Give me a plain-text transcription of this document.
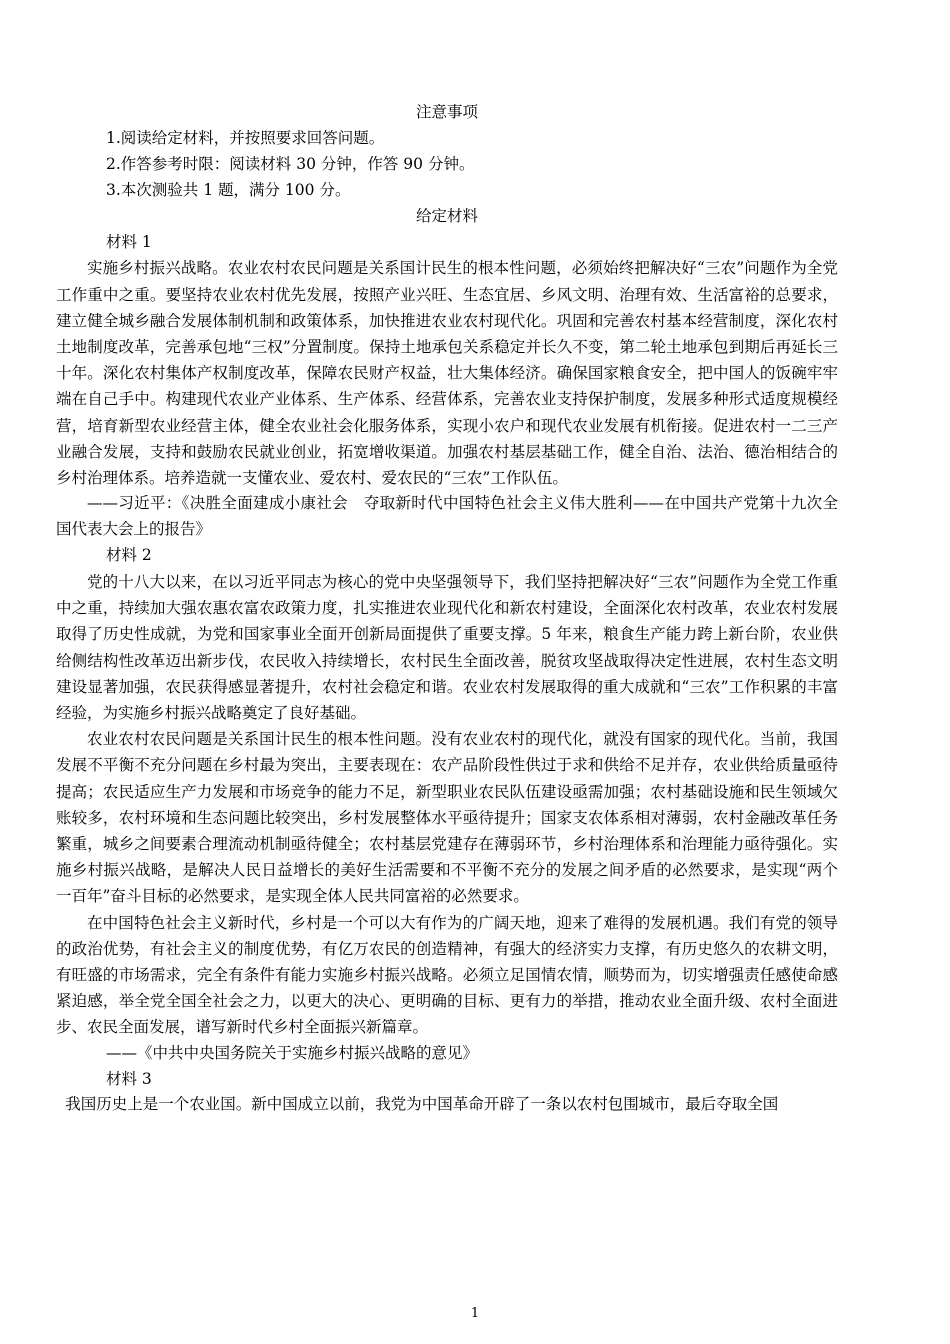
注意事项
1.阅读给定材料，并按照要求回答问题。
2.作答参考时限：阅读材料 30 分钟，作答 90 分钟。
3.本次测验共 1 题，满分 100 分。
给定材料
材料 1

实施乡村振兴战略。农业农村农民问题是关系国计民生的根本性问题，必须始终把解决好“三农”问题作为全党工作重中之重。要坚持农业农村优先发展，按照产业兴旺、生态宜居、乡风文明、治理有效、生活富裕的总要求，建立健全城乡融合发展体制机制和政策体系，加快推进农业农村现代化。巩固和完善农村基本经营制度，深化农村土地制度改革，完善承包地“三权”分置制度。保持土地承包关系稳定并长久不变，第二轮土地承包到期后再延长三十年。深化农村集体产权制度改革，保障农民财产权益，壮大集体经济。确保国家粮食安全，把中国人的饭碗牢牢端在自己手中。构建现代农业产业体系、生产体系、经营体系，完善农业支持保护制度，发展多种形式适度规模经营，培育新型农业经营主体，健全农业社会化服务体系，实现小农户和现代农业发展有机衔接。促进农村一二三产业融合发展，支持和鼓励农民就业创业，拓宽增收渠道。加强农村基层基础工作，健全自治、法治、德治相结合的乡村治理体系。培养造就一支懂农业、爱农村、爱农民的“三农”工作队伍。

——习近平：《决胜全面建成小康社会　夺取新时代中国特色社会主义伟大胜利——在中国共产党第十九次全国代表大会上的报告》

材料 2

党的十八大以来，在以习近平同志为核心的党中央坚强领导下，我们坚持把解决好“三农”问题作为全党工作重中之重，持续加大强农惠农富农政策力度，扎实推进农业现代化和新农村建设，全面深化农村改革，农业农村发展取得了历史性成就，为党和国家事业全面开创新局面提供了重要支撑。5 年来，粮食生产能力跨上新台阶，农业供给侧结构性改革迈出新步伐，农民收入持续增长，农村民生全面改善，脱贫攻坚战取得决定性进展，农村生态文明建设显著加强，农民获得感显著提升，农村社会稳定和谐。农业农村发展取得的重大成就和“三农”工作积累的丰富经验，为实施乡村振兴战略奠定了良好基础。

农业农村农民问题是关系国计民生的根本性问题。没有农业农村的现代化，就没有国家的现代化。当前，我国发展不平衡不充分问题在乡村最为突出，主要表现在：农产品阶段性供过于求和供给不足并存，农业供给质量亟待提高；农民适应生产力发展和市场竞争的能力不足，新型职业农民队伍建设亟需加强；农村基础设施和民生领域欠账较多，农村环境和生态问题比较突出，乡村发展整体水平亟待提升；国家支农体系相对薄弱，农村金融改革任务繁重，城乡之间要素合理流动机制亟待健全；农村基层党建存在薄弱环节，乡村治理体系和治理能力亟待强化。实施乡村振兴战略，是解决人民日益增长的美好生活需要和不平衡不充分的发展之间矛盾的必然要求，是实现“两个一百年”奋斗目标的必然要求，是实现全体人民共同富裕的必然要求。

在中国特色社会主义新时代，乡村是一个可以大有作为的广阔天地，迎来了难得的发展机遇。我们有党的领导的政治优势，有社会主义的制度优势，有亿万农民的创造精神，有强大的经济实力支撑，有历史悠久的农耕文明，有旺盛的市场需求，完全有条件有能力实施乡村振兴战略。必须立足国情农情，顺势而为，切实增强责任感使命感紧迫感，举全党全国全社会之力，以更大的决心、更明确的目标、更有力的举措，推动农业全面升级、农村全面进步、农民全面发展，谱写新时代乡村全面振兴新篇章。

——《中共中央国务院关于实施乡村振兴战略的意见》
材料 3

我国历史上是一个农业国。新中国成立以前，我党为中国革命开辟了一条以农村包围城市，最后夺取全国

1
